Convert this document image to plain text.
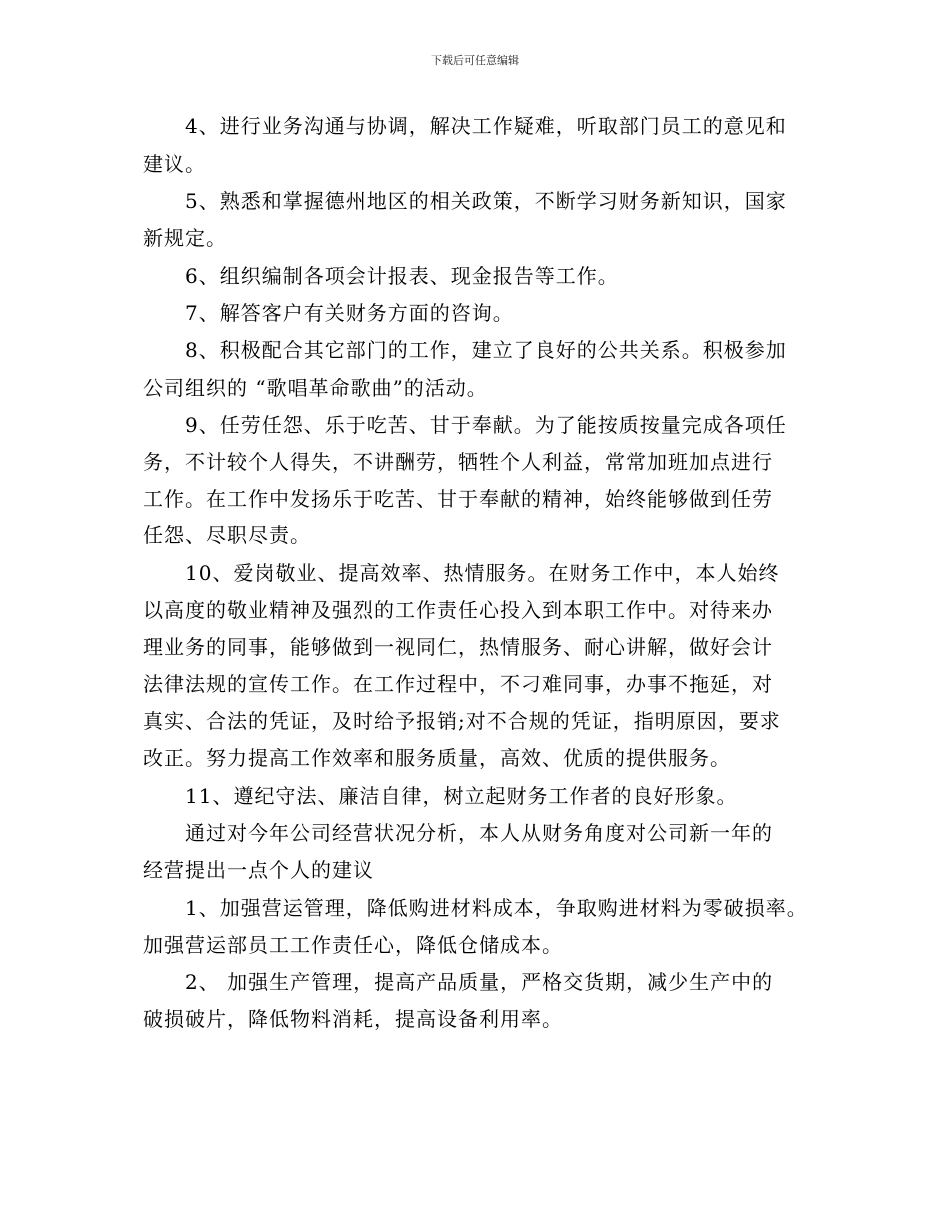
下载后可任意编辑
4、进行业务沟通与协调，解决工作疑难，听取部门员工的意见和
建议。
5、熟悉和掌握德州地区的相关政策，不断学习财务新知识，国家
新规定。
6、组织编制各项会计报表、现金报告等工作。
7、解答客户有关财务方面的咨询。
8、积极配合其它部门的工作，建立了良好的公共关系。积极参加
公司组织的 “歌唱革命歌曲”的活动。
9、任劳任怨、乐于吃苦、甘于奉献。为了能按质按量完成各项任
务，不计较个人得失，不讲酬劳，牺牲个人利益，常常加班加点进行
工作。在工作中发扬乐于吃苦、甘于奉献的精神，始终能够做到任劳
任怨、尽职尽责。
10、爱岗敬业、提高效率、热情服务。在财务工作中，本人始终
以高度的敬业精神及强烈的工作责任心投入到本职工作中。对待来办
理业务的同事，能够做到一视同仁，热情服务、耐心讲解，做好会计
法律法规的宣传工作。在工作过程中，不刁难同事，办事不拖延，对
真实、合法的凭证，及时给予报销;对不合规的凭证，指明原因，要求
改正。努力提高工作效率和服务质量，高效、优质的提供服务。
11、遵纪守法、廉洁自律，树立起财务工作者的良好形象。
通过对今年公司经营状况分析，本人从财务角度对公司新一年的
经营提出一点个人的建议
1、加强营运管理，降低购进材料成本，争取购进材料为零破损率。
加强营运部员工工作责任心，降低仓储成本。
2、 加强生产管理，提高产品质量，严格交货期，减少生产中的
破损破片，降低物料消耗，提高设备利用率。
